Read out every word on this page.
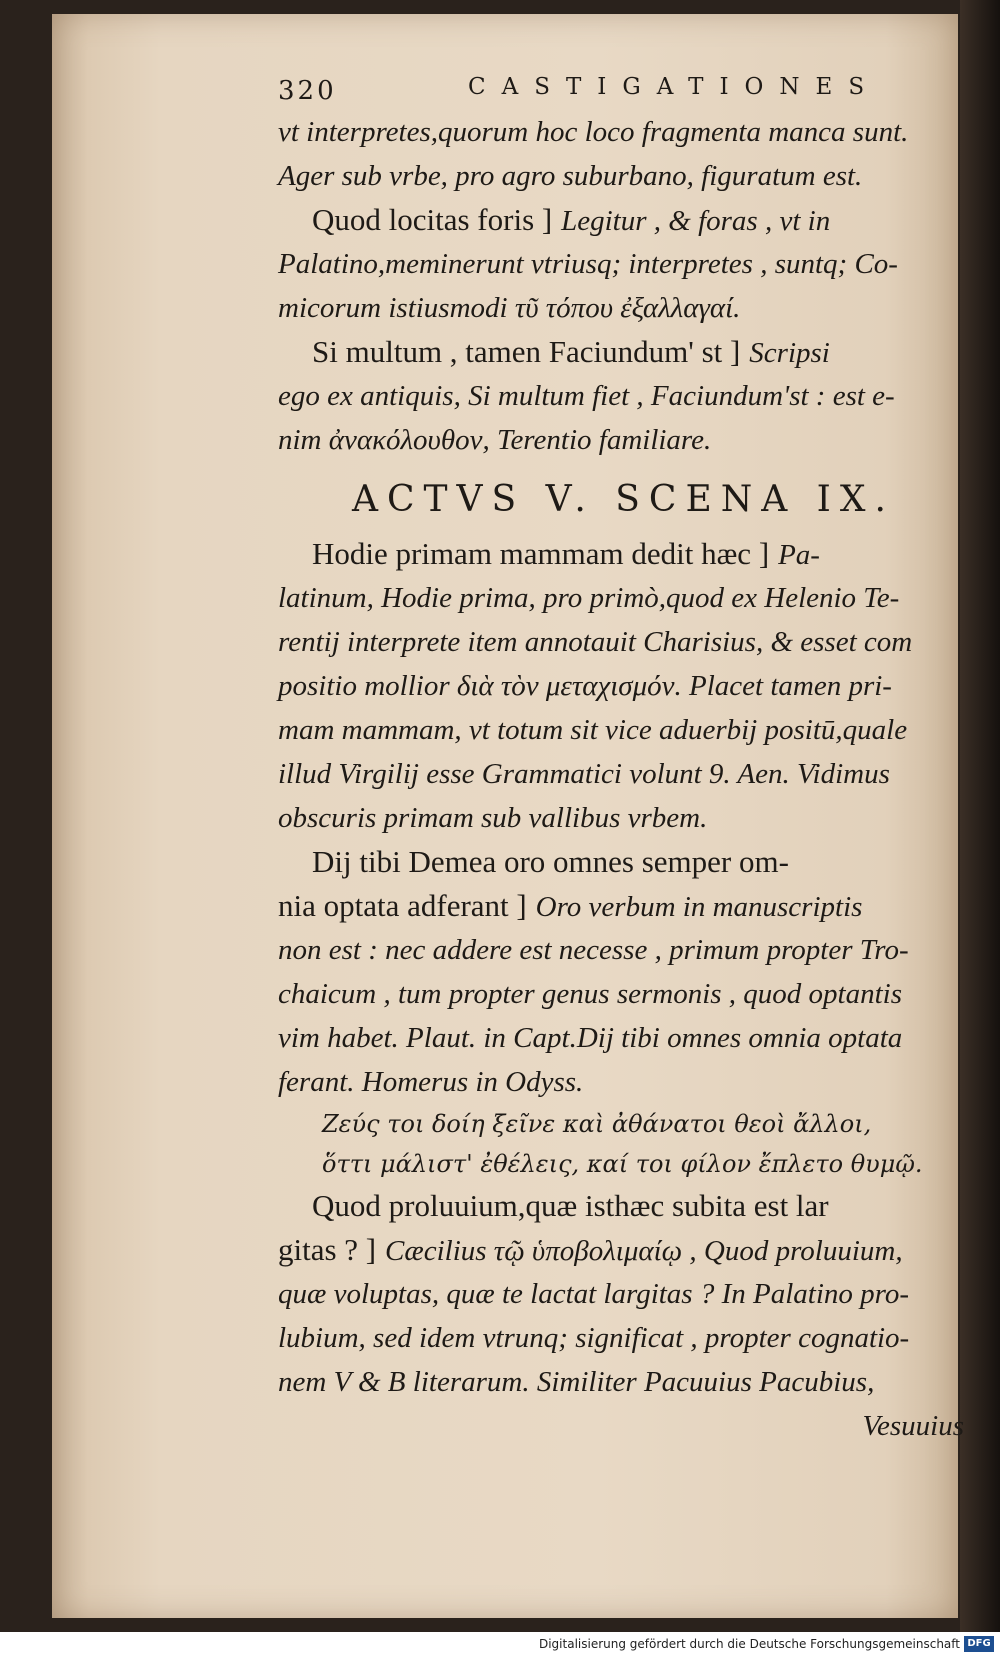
320	CASTIGATIONES
vt interpretes,quorum hoc loco fragmenta manca sunt.
Ager sub vrbe, pro agro suburbano, figuratum est.
Quod locitas foris ] Legitur , & foras , vt in
Palatino,meminerunt vtriusq; interpretes , suntq; Co-
micorum istiusmodi τῦ τόπου ἐξαλλαγαί.
Si multum , tamen Faciundum' st ] Scripsi
ego ex antiquis, Si multum fiet , Faciundum'st : est e-
nim ἀνακόλουθον, Terentio familiare.
ACTVS V. SCENA IX.
Hodie primam mammam dedit hæc ] Pa-
latinum, Hodie prima, pro primò,quod ex Helenio Te-
rentij interprete item annotauit Charisius, & esset com
positio mollior διὰ τὸν μεταχισμόν. Placet tamen pri-
mam mammam, vt totum sit vice aduerbij positū,quale
illud Virgilij esse Grammatici volunt 9. Aen. Vidimus
obscuris primam sub vallibus vrbem.
Dij tibi Demea oro omnes semper om-
nia optata adferant ] Oro verbum in manuscriptis
non est : nec addere est necesse , primum propter Tro-
chaicum , tum propter genus sermonis , quod optantis
vim habet. Plaut. in Capt.Dij tibi omnes omnia optata
ferant. Homerus in Odyss.
Ζεύς τοι δοίη ξεῖνε καὶ ἀθάνατοι θεοὶ ἄλλοι,
ὅττι μάλιστ' ἐθέλεις, καί τοι φίλον ἔπλετο θυμῷ.
Quod proluuium,quæ isthæc subita est lar
gitas ? ] Cæcilius τῷ ὑποβολιμαίῳ , Quod proluuium,
quæ voluptas, quæ te lactat largitas ? In Palatino pro-
lubium, sed idem vtrunq; significat , propter cognatio-
nem V & B literarum. Similiter Pacuuius Pacubius,
Vesuuius
Digitalisierung gefördert durch die Deutsche Forschungsgemeinschaft DFG
